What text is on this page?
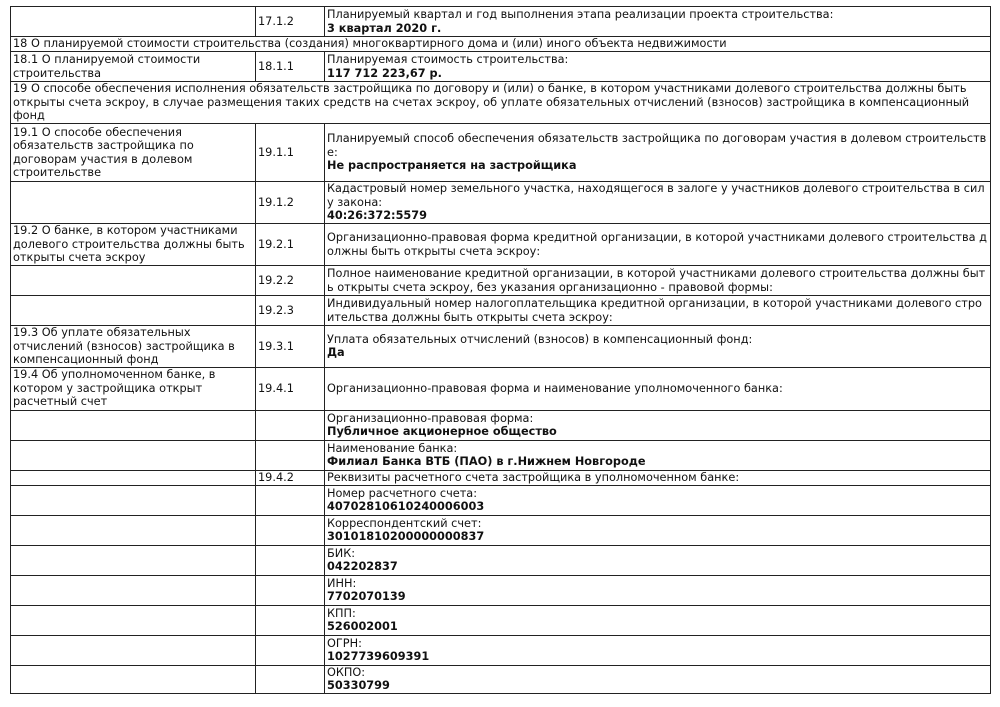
	17.1.2	Планируемый квартал и год выполнения этапа реализации проекта строительства:
3 квартал 2020 г.

18 О планируемой стоимости строительства (создания) многоквартирного дома и (или) иного объекта недвижимости		
18.1 О планируемой стоимости строительства	18.1.1	Планируемая стоимость строительства:
117 712 223,67 р.

19 О способе обеспечения исполнения обязательств застройщика по договору и (или) о банке, в котором участниками долевого строительства должны быть открыты счета эскроу, в случае размещения таких средств на счетах эскроу, об уплате обязательных отчислений (взносов) застройщика в компенсационный фонд		
19.1 О способе обеспечения обязательств застройщика по договорам участия в долевом строительстве	19.1.1	Планируемый способ обеспечения обязательств застройщика по договорам участия в долевом строительстве:
Не распространяется на застройщика

	19.1.2	Кадастровый номер земельного участка, находящегося в залоге у участников долевого строительства в силу закона:
40:26:372:5579

19.2 О банке, в котором участниками долевого строительства должны быть открыты счета эскроу	19.2.1	Организационно-правовая форма кредитной организации, в которой участниками долевого строительства должны быть открыты счета эскроу:

	19.2.2	Полное наименование кредитной организации, в которой участниками долевого строительства должны быть открыты счета эскроу, без указания организационно - правовой формы:

	19.2.3	Индивидуальный номер налогоплательщика кредитной организации, в которой участниками долевого строительства должны быть открыты счета эскроу:

19.3 Об уплате обязательных отчислений (взносов) застройщика в компенсационный фонд	19.3.1	Уплата обязательных отчислений (взносов) в компенсационный фонд:
Да

19.4 Об уполномоченном банке, в котором у застройщика открыт расчетный счет	19.4.1	Организационно-правовая форма и наименование уполномоченного банка:

		Организационно-правовая форма:
Публичное акционерное общество

		Наименование банка:
Филиал Банка ВТБ (ПАО) в г.Нижнем Новгороде

	19.4.2	Реквизиты расчетного счета застройщика в уполномоченном банке:

		Номер расчетного счета:
40702810610240006003

		Корреспондентский счет:
30101810200000000837

		БИК:
042202837

		ИНН:
7702070139

		КПП:
526002001

		ОГРН:
1027739609391

		ОКПО:
50330799
